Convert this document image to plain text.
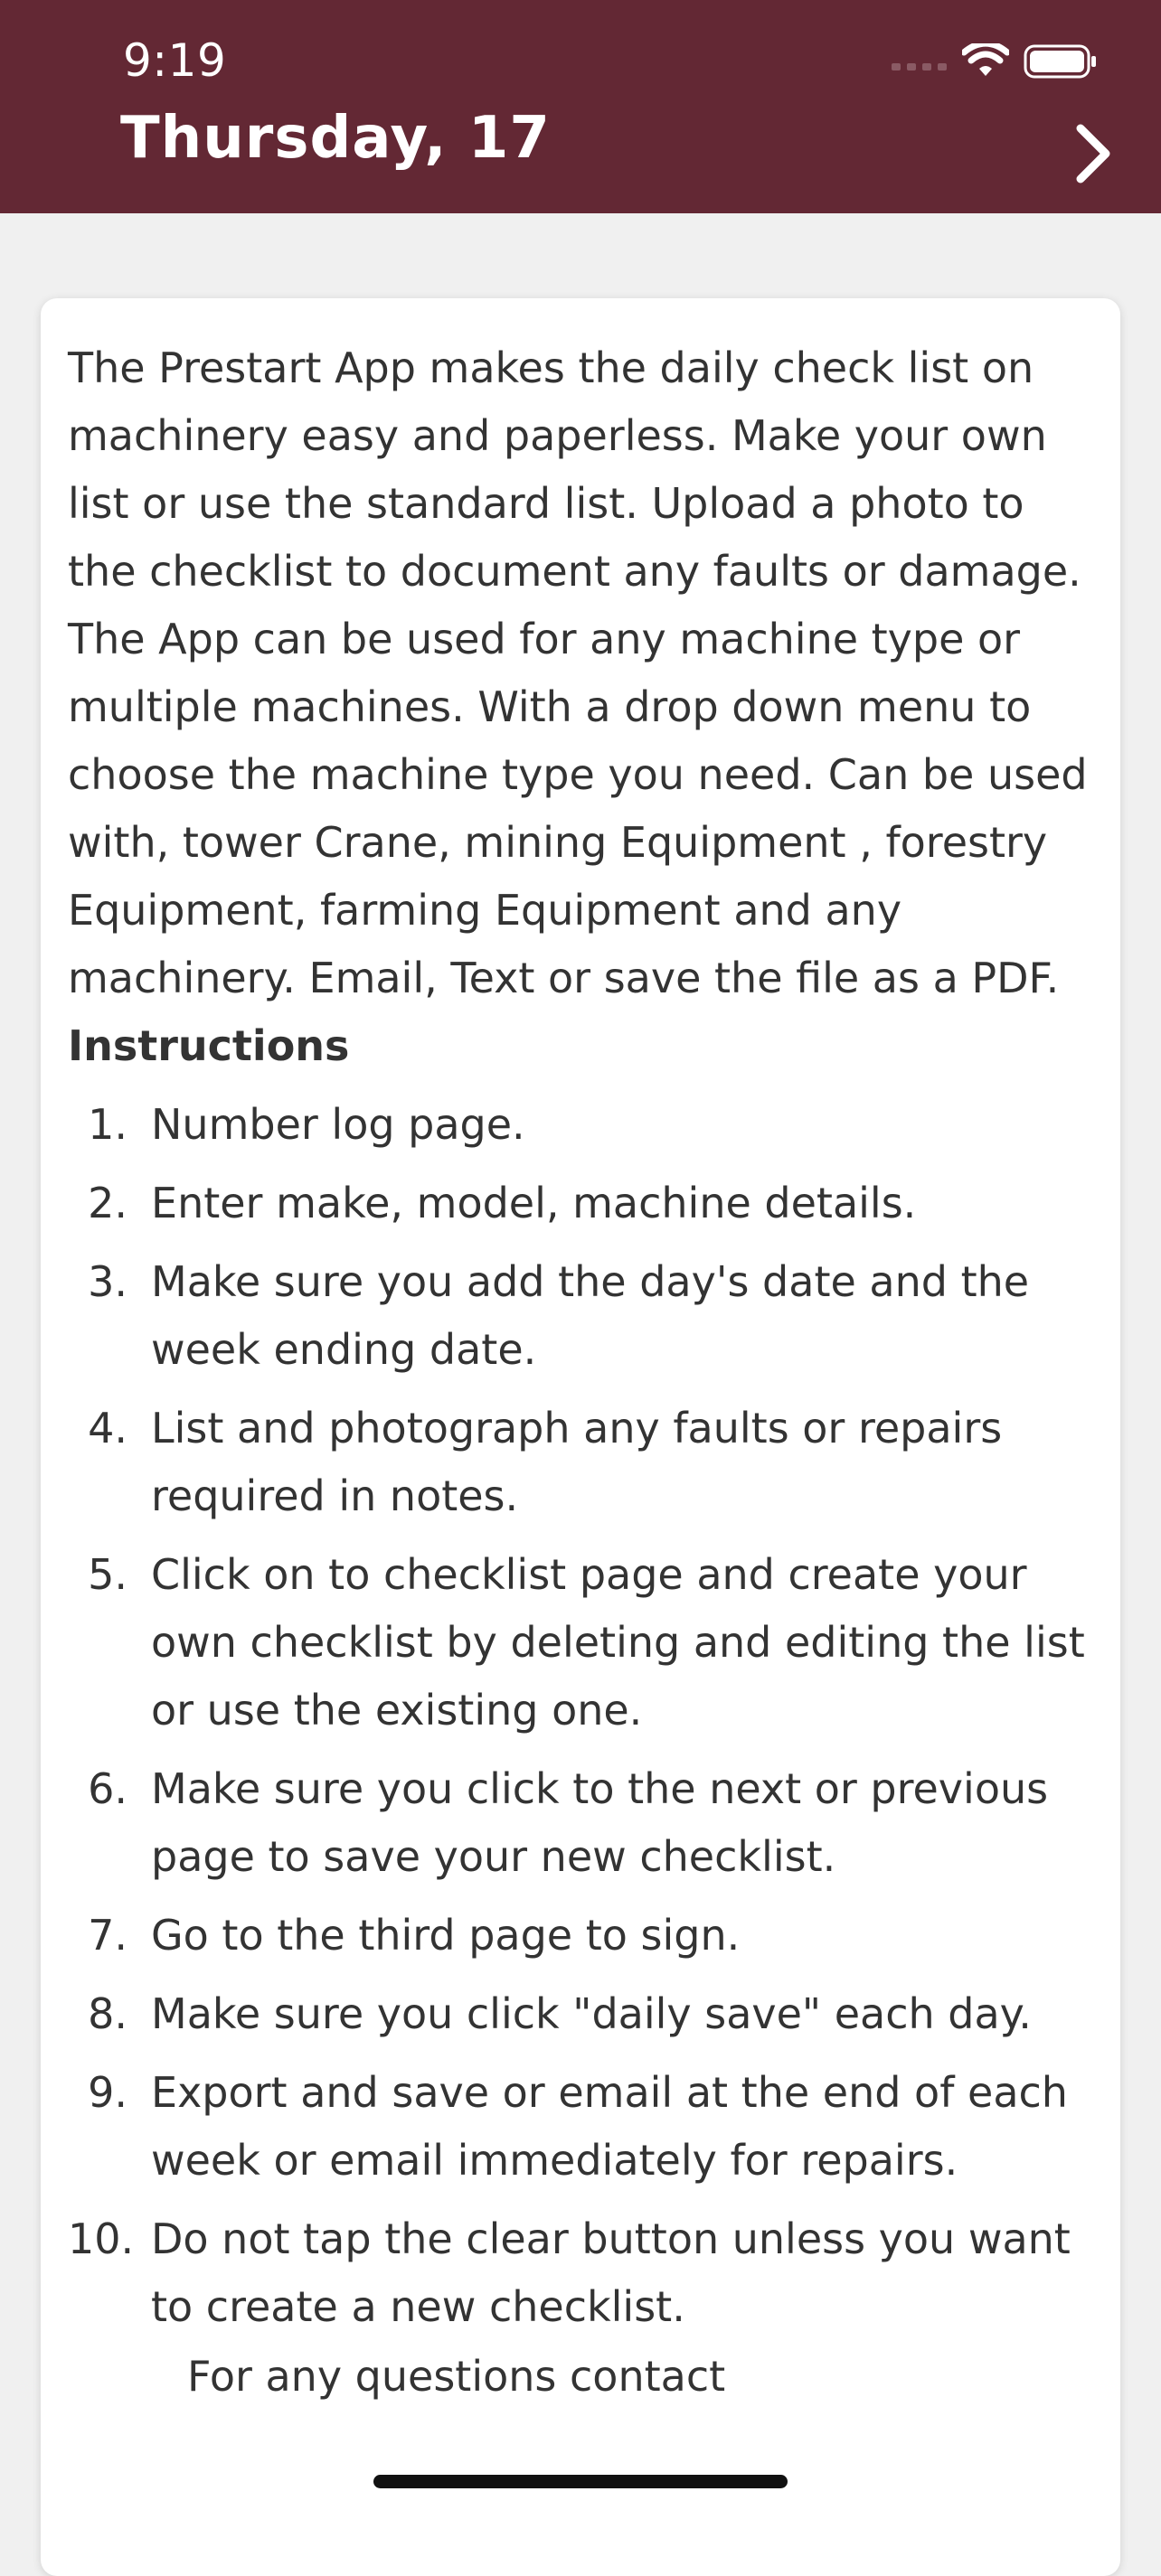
9:19
Thursday, 17

The Prestart App makes the daily check list on machinery easy and paperless. Make your own list or use the standard list. Upload a photo to the checklist to document any faults or damage.

The App can be used for any machine type or multiple machines. With a drop down menu to choose the machine type you need. Can be used with, tower Crane, mining Equipment , forestry Equipment, farming Equipment and any machinery. Email, Text or save the file as a PDF.

Instructions

1. Number log page.
2. Enter make, model, machine details.
3. Make sure you add the day's date and the week ending date.
4. List and photograph any faults or repairs required in notes.
5. Click on to checklist page and create your own checklist by deleting and editing the list or use the existing one.
6. Make sure you click to the next or previous page to save your new checklist.
7. Go to the third page to sign.
8. Make sure you click "daily save" each day.
9. Export and save or email at the end of each week or email immediately for repairs.
10. Do not tap the clear button unless you want to create a new checklist.
For any questions contact
